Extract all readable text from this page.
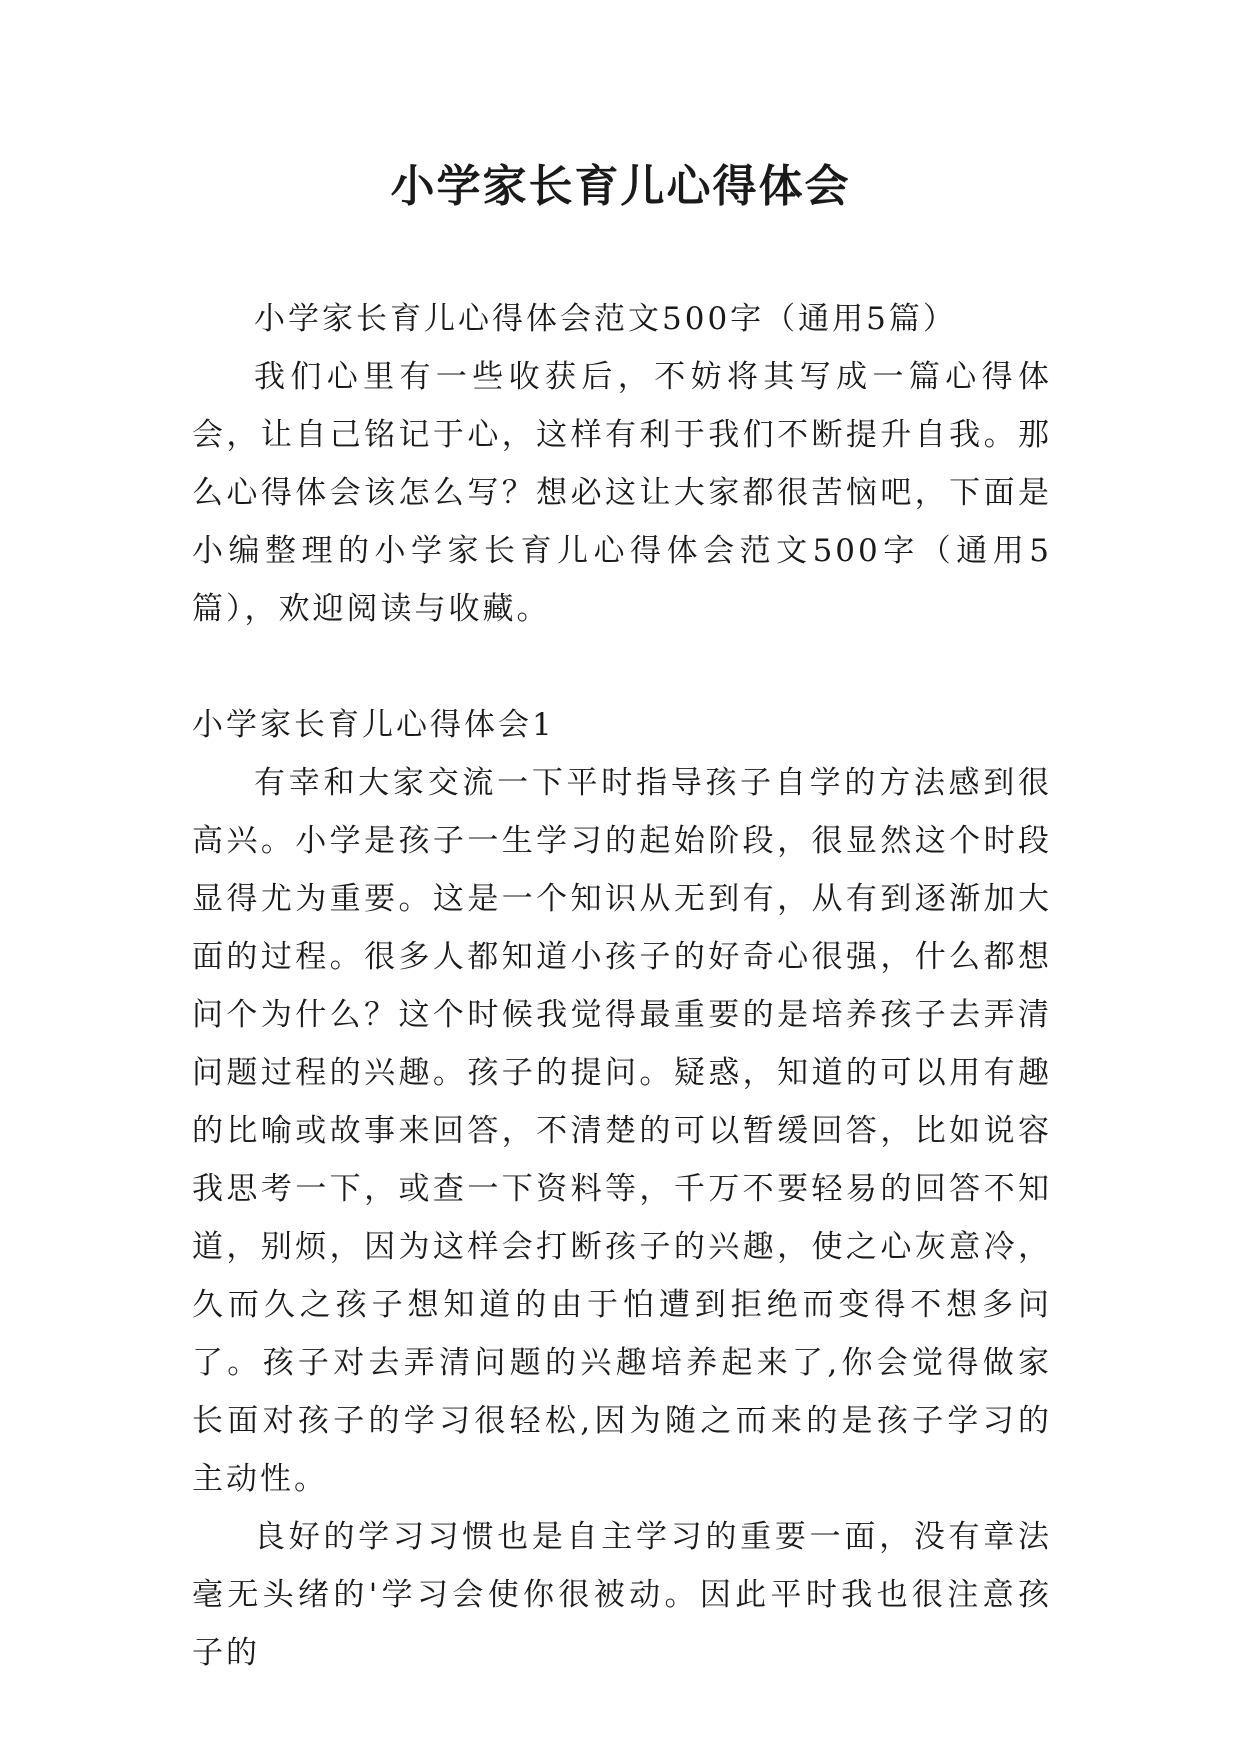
小学家长育儿心得体会

小学家长育儿心得体会范文500字（通用5篇）

我们心里有一些收获后，不妨将其写成一篇心得体会，让自己铭记于心，这样有利于我们不断提升自我。那么心得体会该怎么写？想必这让大家都很苦恼吧，下面是小编整理的小学家长育儿心得体会范文500字（通用5篇），欢迎阅读与收藏。

小学家长育儿心得体会1

有幸和大家交流一下平时指导孩子自学的方法感到很高兴。小学是孩子一生学习的起始阶段，很显然这个时段显得尤为重要。这是一个知识从无到有，从有到逐渐加大面的过程。很多人都知道小孩子的好奇心很强，什么都想问个为什么？这个时候我觉得最重要的是培养孩子去弄清问题过程的兴趣。孩子的提问。疑惑，知道的可以用有趣的比喻或故事来回答，不清楚的可以暂缓回答，比如说容我思考一下，或查一下资料等，千万不要轻易的回答不知道，别烦，因为这样会打断孩子的兴趣，使之心灰意冷，久而久之孩子想知道的由于怕遭到拒绝而变得不想多问了。孩子对去弄清问题的兴趣培养起来了,你会觉得做家长面对孩子的学习很轻松,因为随之而来的是孩子学习的主动性。

良好的学习习惯也是自主学习的重要一面，没有章法毫无头绪的'学习会使你很被动。因此平时我也很注意孩子的
